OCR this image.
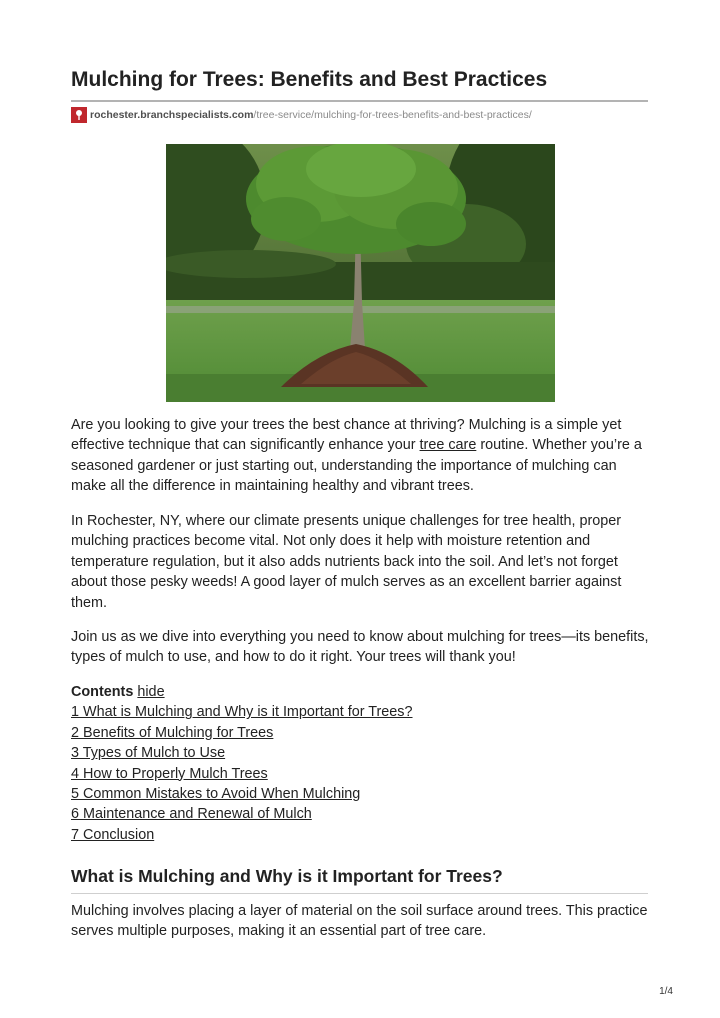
Mulching for Trees: Benefits and Best Practices
rochester.branchspecialists.com /tree-service/mulching-for-trees-benefits-and-best-practices/

Are you looking to give your trees the best chance at thriving? Mulching is a simple yet effective technique that can significantly enhance your tree care routine. Whether you’re a seasoned gardener or just starting out, understanding the importance of mulching can make all the difference in maintaining healthy and vibrant trees.

In Rochester, NY, where our climate presents unique challenges for tree health, proper mulching practices become vital. Not only does it help with moisture retention and temperature regulation, but it also adds nutrients back into the soil. And let’s not forget about those pesky weeds! A good layer of mulch serves as an excellent barrier against them.

Join us as we dive into everything you need to know about mulching for trees—its benefits, types of mulch to use, and how to do it right. Your trees will thank you!

Contents hide
1 What is Mulching and Why is it Important for Trees?
2 Benefits of Mulching for Trees
3 Types of Mulch to Use
4 How to Properly Mulch Trees
5 Common Mistakes to Avoid When Mulching
6 Maintenance and Renewal of Mulch
7 Conclusion
What is Mulching and Why is it Important for Trees?

Mulching involves placing a layer of material on the soil surface around trees. This practice serves multiple purposes, making it an essential part of tree care.

1/4
